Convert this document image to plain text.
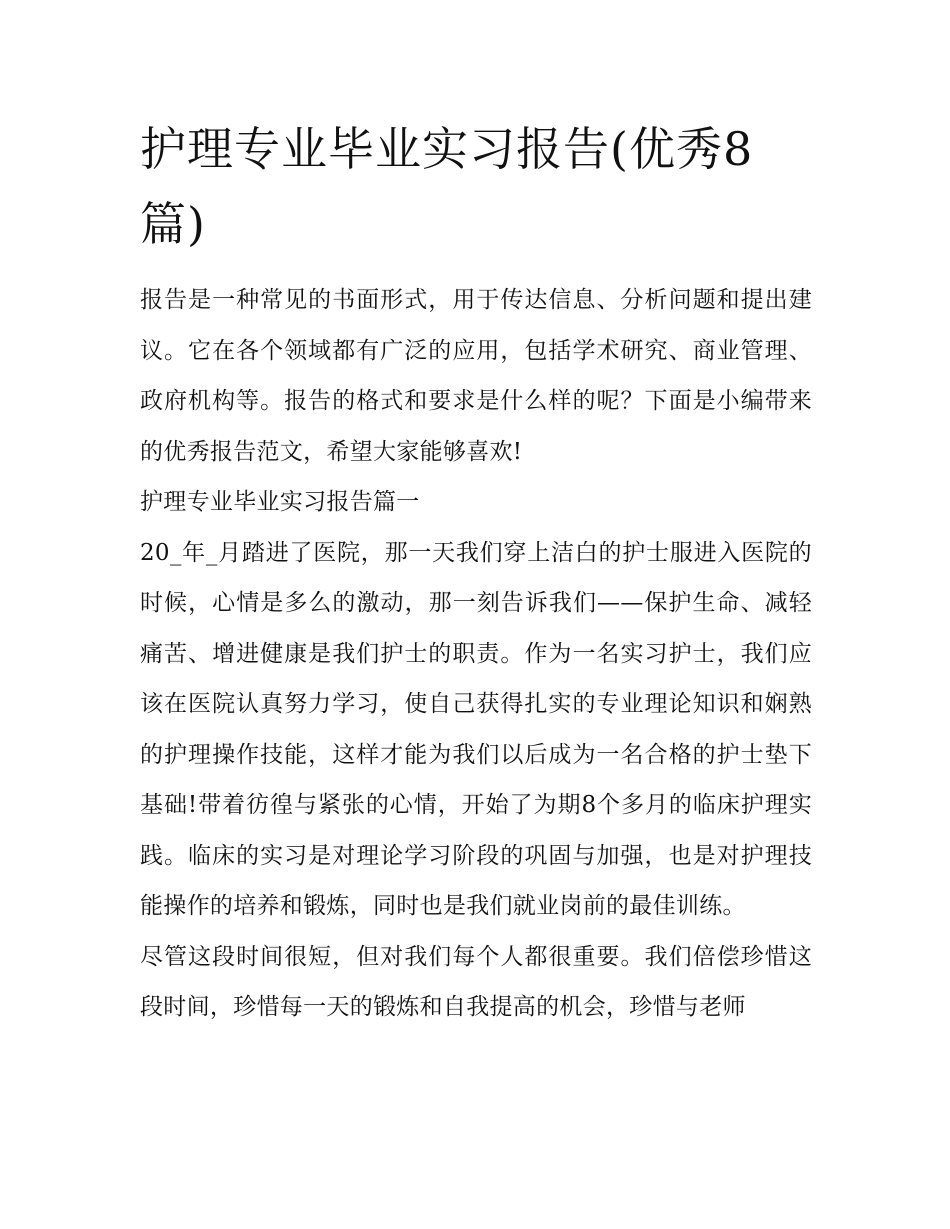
护理专业毕业实习报告(优秀8篇)

报告是一种常见的书面形式，用于传达信息、分析问题和提出建议。它在各个领域都有广泛的应用，包括学术研究、商业管理、政府机构等。报告的格式和要求是什么样的呢？下面是小编带来的优秀报告范文，希望大家能够喜欢!

护理专业毕业实习报告篇一

20_年_月踏进了医院，那一天我们穿上洁白的护士服进入医院的时候，心情是多么的激动，那一刻告诉我们——保护生命、减轻痛苦、增进健康是我们护士的职责。作为一名实习护士，我们应该在医院认真努力学习，使自己获得扎实的专业理论知识和娴熟的护理操作技能，这样才能为我们以后成为一名合格的护士垫下基础!带着彷徨与紧张的心情，开始了为期8个多月的临床护理实践。临床的实习是对理论学习阶段的巩固与加强，也是对护理技能操作的培养和锻炼，同时也是我们就业岗前的最佳训练。

尽管这段时间很短，但对我们每个人都很重要。我们倍偿珍惜这段时间，珍惜每一天的锻炼和自我提高的机会，珍惜与老师
